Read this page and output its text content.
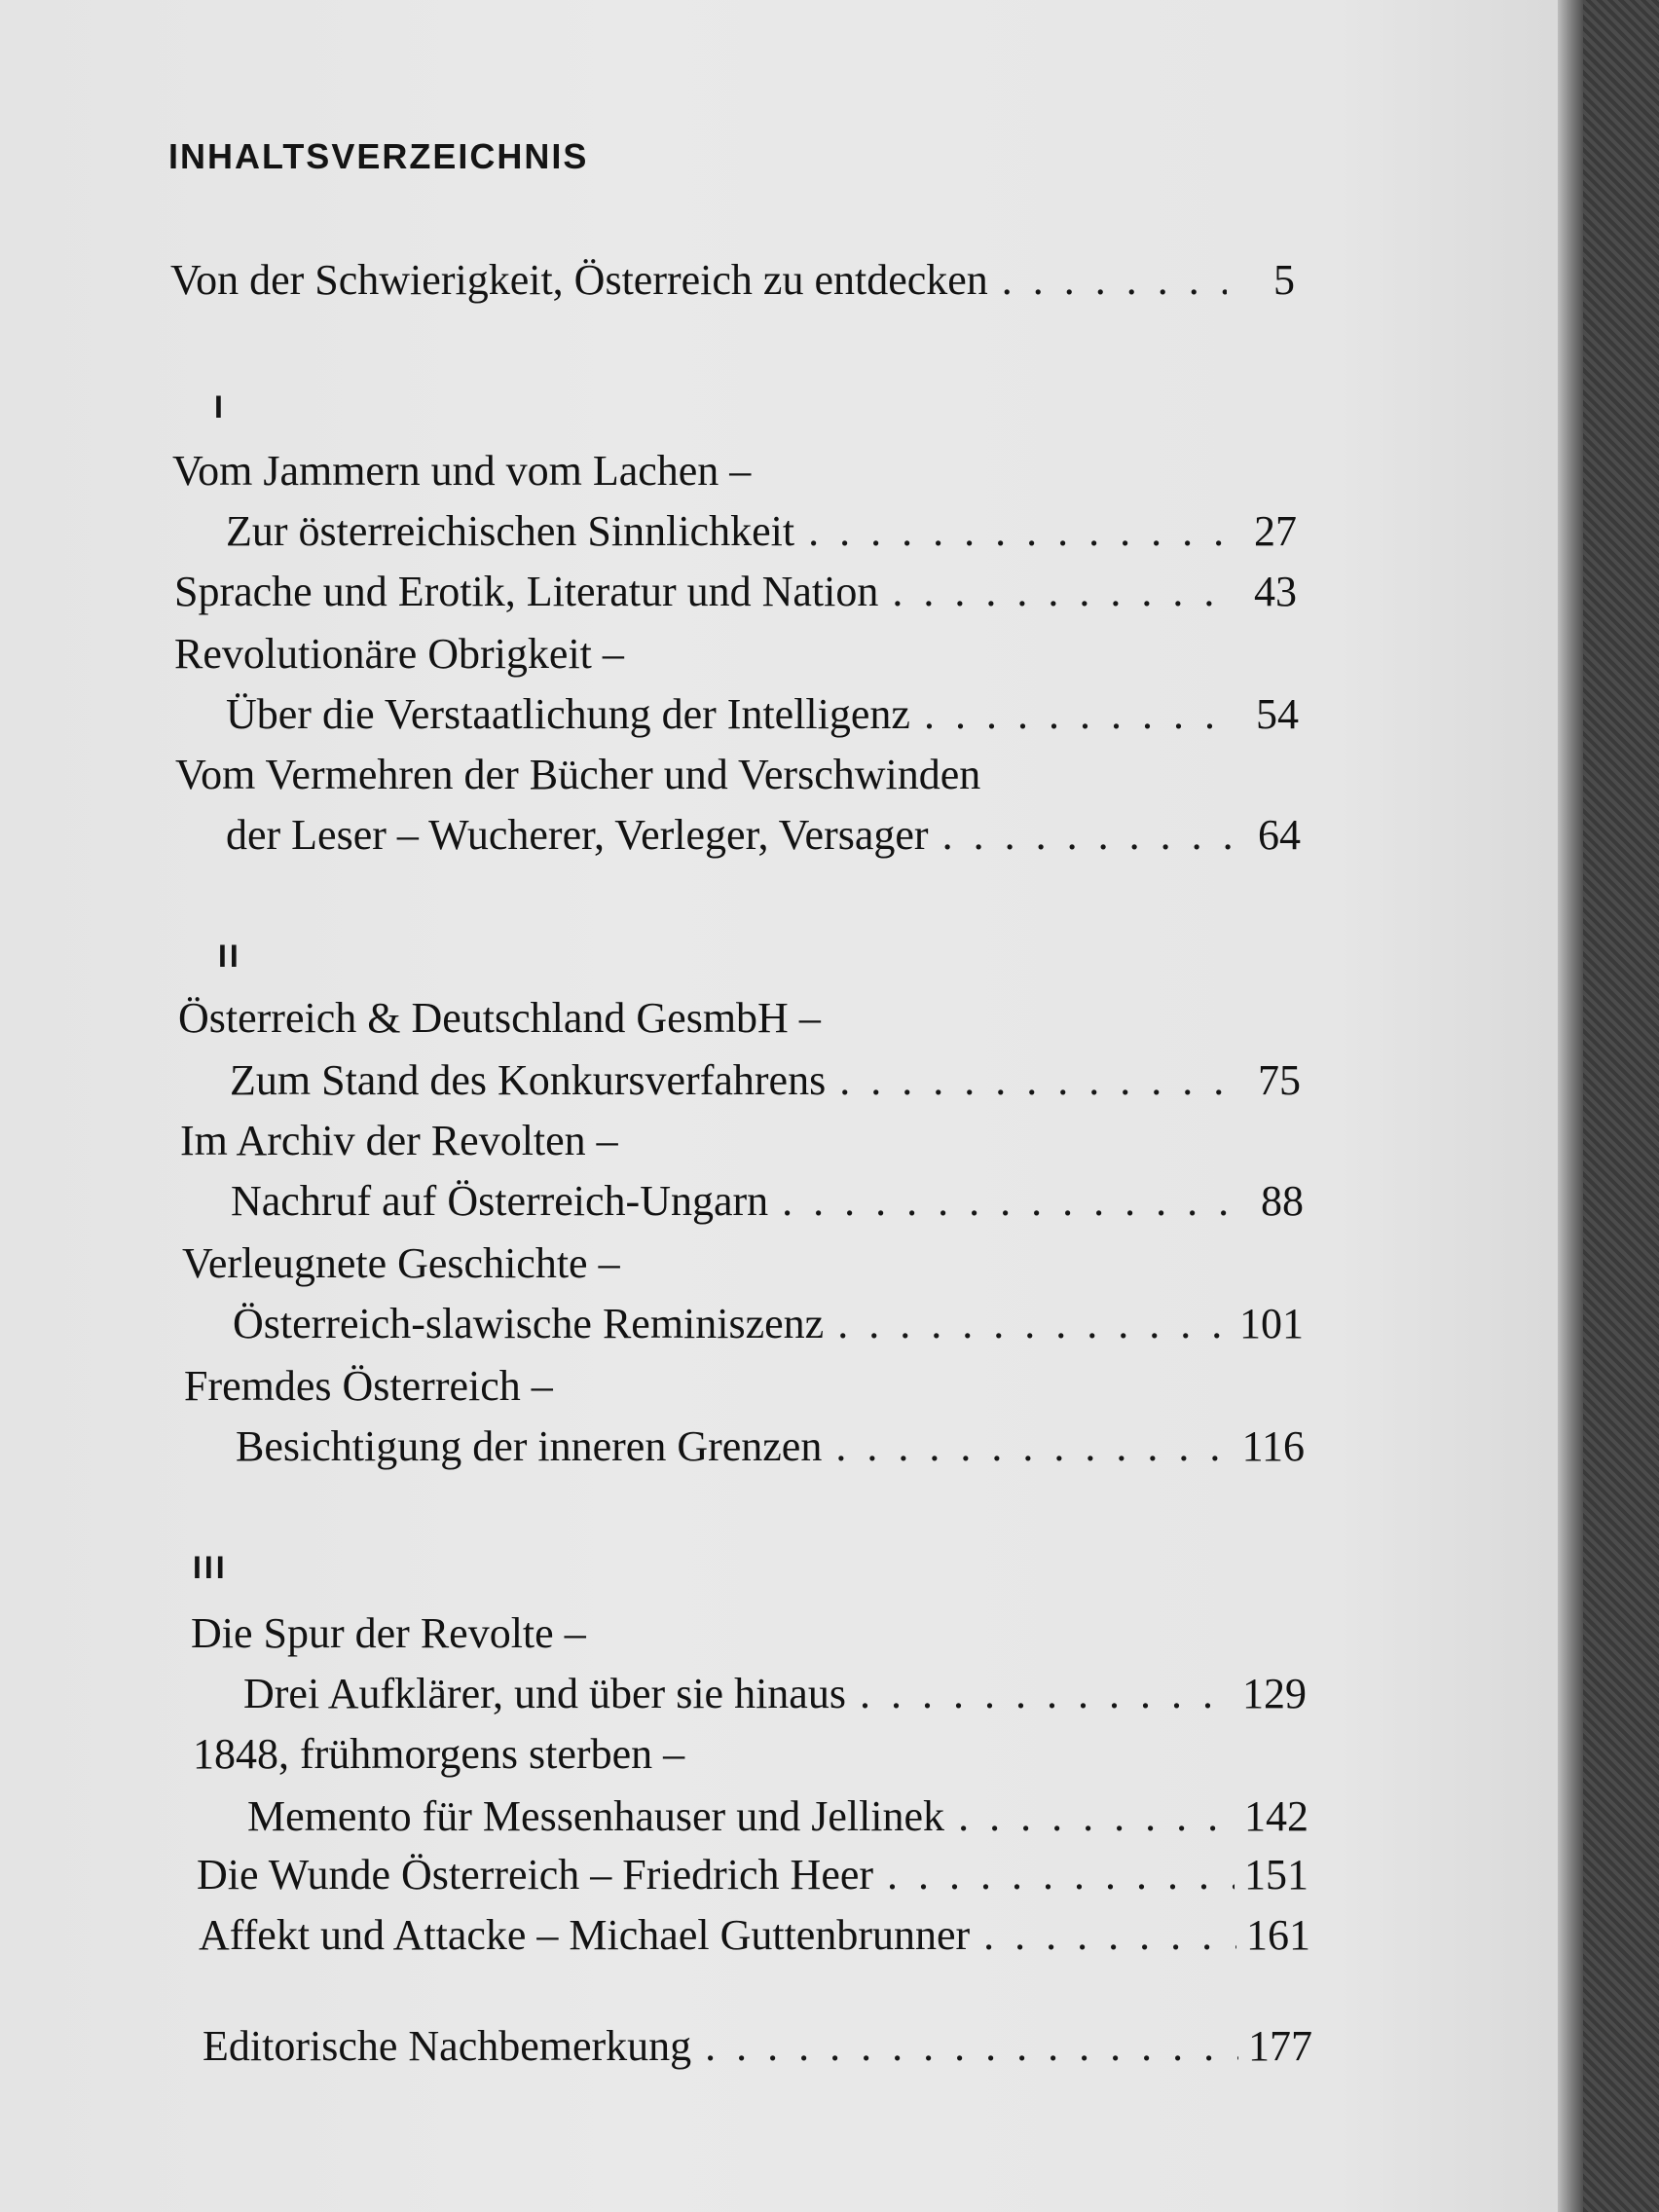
INHALTSVERZEICHNIS
Von der Schwierigkeit, Österreich zu entdecken . . .	5
I
Vom Jammern und vom Lachen –
Zur österreichischen Sinnlichkeit . . .	27
Sprache und Erotik, Literatur und Nation . . .	43
Revolutionäre Obrigkeit –
Über die Verstaatlichung der Intelligenz . . .	54
Vom Vermehren der Bücher und Verschwinden
der Leser – Wucherer, Verleger, Versager . . .	64
II
Österreich & Deutschland GesmbH –
Zum Stand des Konkursverfahrens . . .	75
Im Archiv der Revolten –
Nachruf auf Österreich-Ungarn . . .	88
Verleugnete Geschichte –
Österreich-slawische Reminiszenz . . .	101
Fremdes Österreich –
Besichtigung der inneren Grenzen . . .	116
III
Die Spur der Revolte –
Drei Aufklärer, und über sie hinaus . . .	129
1848, frühmorgens sterben –
Memento für Messenhauser und Jellinek . . .	142
Die Wunde Österreich – Friedrich Heer . . .	151
Affekt und Attacke – Michael Guttenbrunner . . .	161
Editorische Nachbemerkung . . .	177
